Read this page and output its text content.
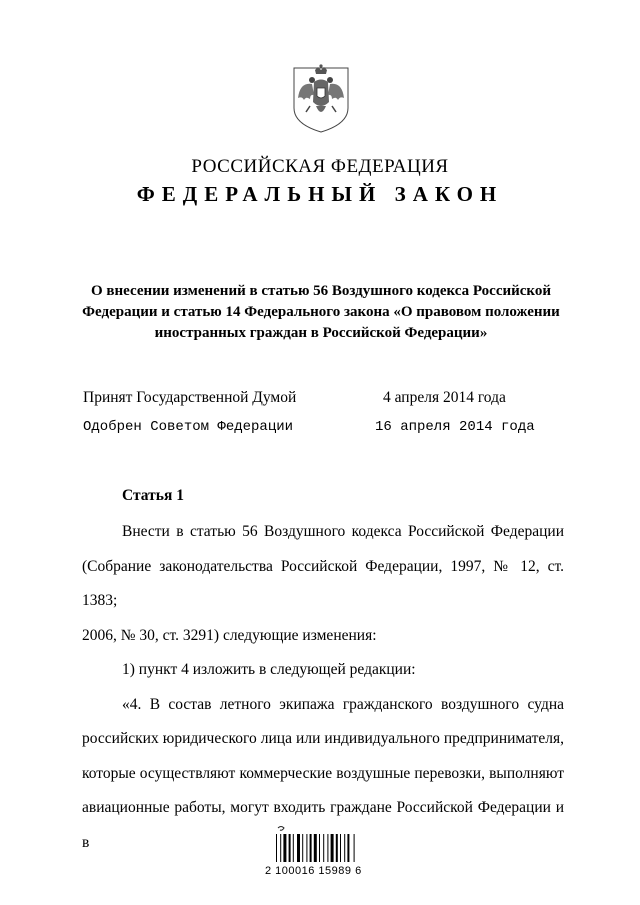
РОССИЙСКАЯ ФЕДЕРАЦИЯ
ФЕДЕРАЛЬНЫЙ ЗАКОН
О внесении изменений в статью 56 Воздушного кодекса Российской
Федерации и статью 14 Федерального закона «О правовом положении
иностранных граждан в Российской Федерации»
Принят Государственной Думой	4 апреля 2014 года
Одобрен Советом Федерации	16 апреля 2014 года
Статья 1
Внести в статью 56 Воздушного кодекса Российской Федерации
(Собрание законодательства Российской Федерации, 1997, № 12, ст. 1383;
2006, № 30, ст. 3291) следующие изменения:
1) пункт 4 изложить в следующей редакции:
«4. В состав летного экипажа гражданского воздушного судна
российских юридического лица или индивидуального предпринимателя,
которые осуществляют коммерческие воздушные перевозки, выполняют
авиационные работы, могут входить граждане Российской Федерации и в
2 100016 15989 6
